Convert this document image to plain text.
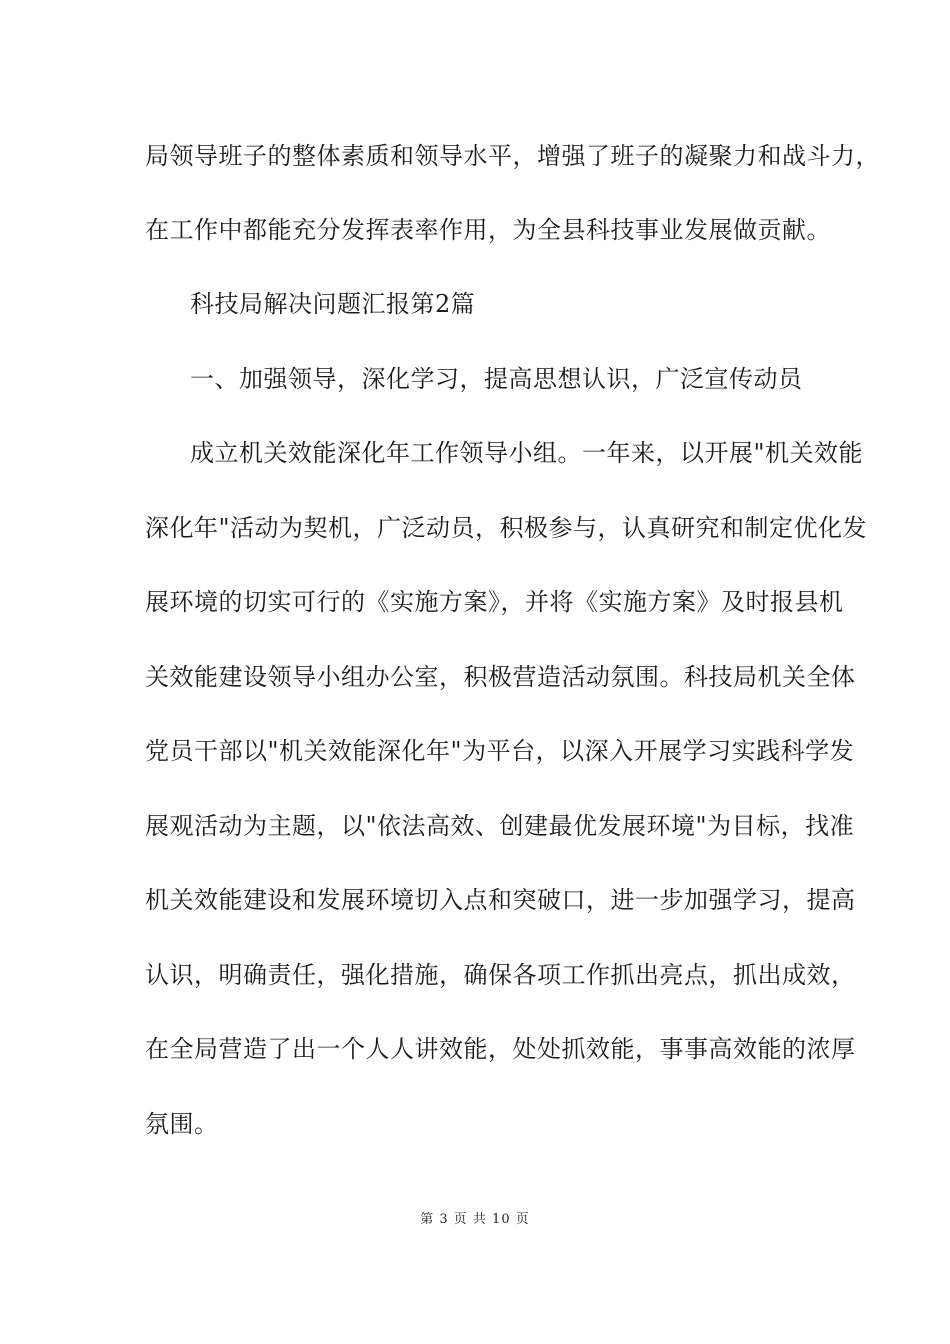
局领导班子的整体素质和领导水平，增强了班子的凝聚力和战斗力，
在工作中都能充分发挥表率作用，为全县科技事业发展做贡献。
科技局解决问题汇报第2篇
一、加强领导，深化学习，提高思想认识，广泛宣传动员
成立机关效能深化年工作领导小组。一年来，以开展"机关效能
深化年"活动为契机，广泛动员，积极参与，认真研究和制定优化发
展环境的切实可行的《实施方案》，并将《实施方案》及时报县机
关效能建设领导小组办公室，积极营造活动氛围。科技局机关全体
党员干部以"机关效能深化年"为平台，以深入开展学习实践科学发
展观活动为主题，以"依法高效、创建最优发展环境"为目标，找准
机关效能建设和发展环境切入点和突破口，进一步加强学习，提高
认识，明确责任，强化措施，确保各项工作抓出亮点，抓出成效，
在全局营造了出一个人人讲效能，处处抓效能，事事高效能的浓厚
氛围。
第 3 页 共 10 页
